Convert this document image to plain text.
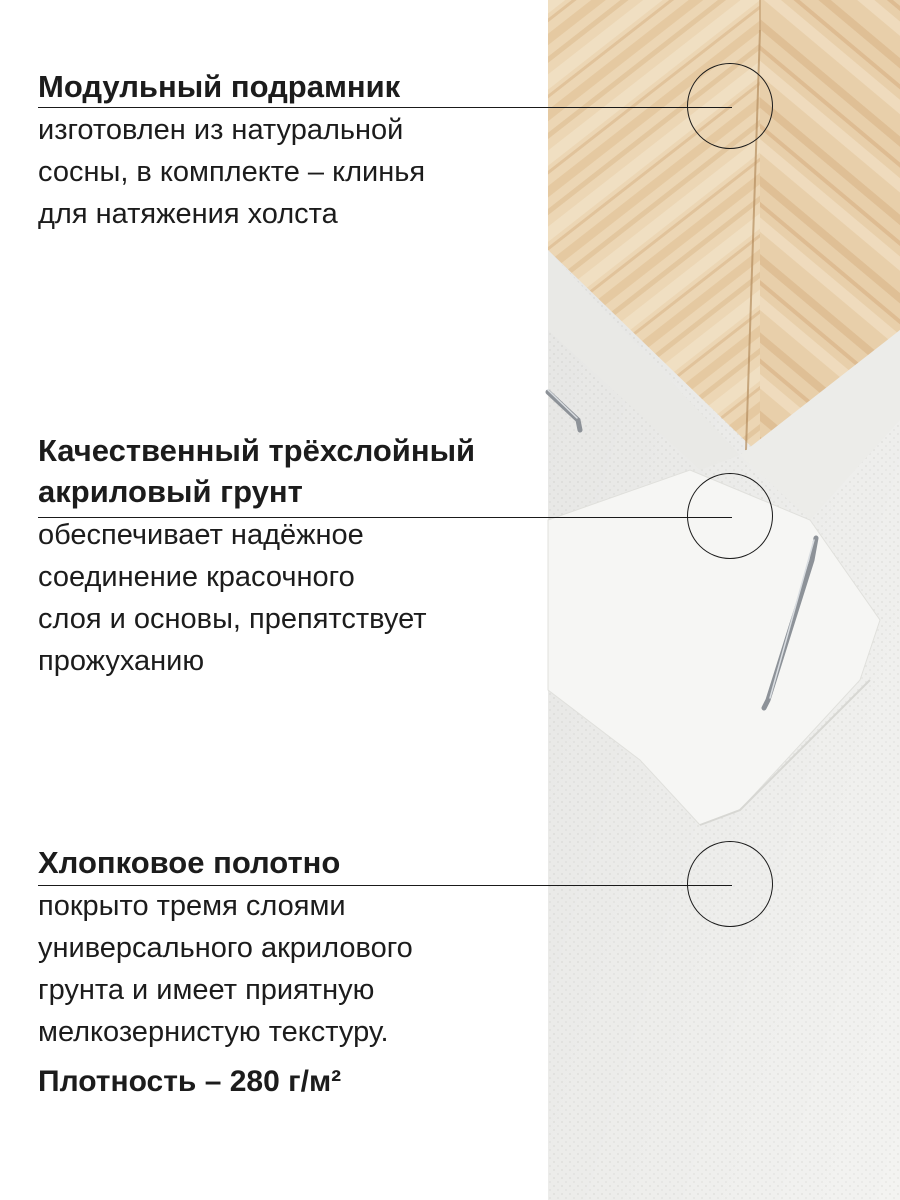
Модульный подрамник

изготовлен из натуральной
сосны, в комплекте – клинья
для натяжения холста

Качественный трёхслойный
акриловый грунт

обеспечивает надёжное
соединение красочного
слоя и основы, препятствует
прожуханию

Хлопковое полотно

покрыто тремя слоями
универсального акрилового
грунта и имеет приятную
мелкозернистую текстуру.

Плотность – 280 г/м²
